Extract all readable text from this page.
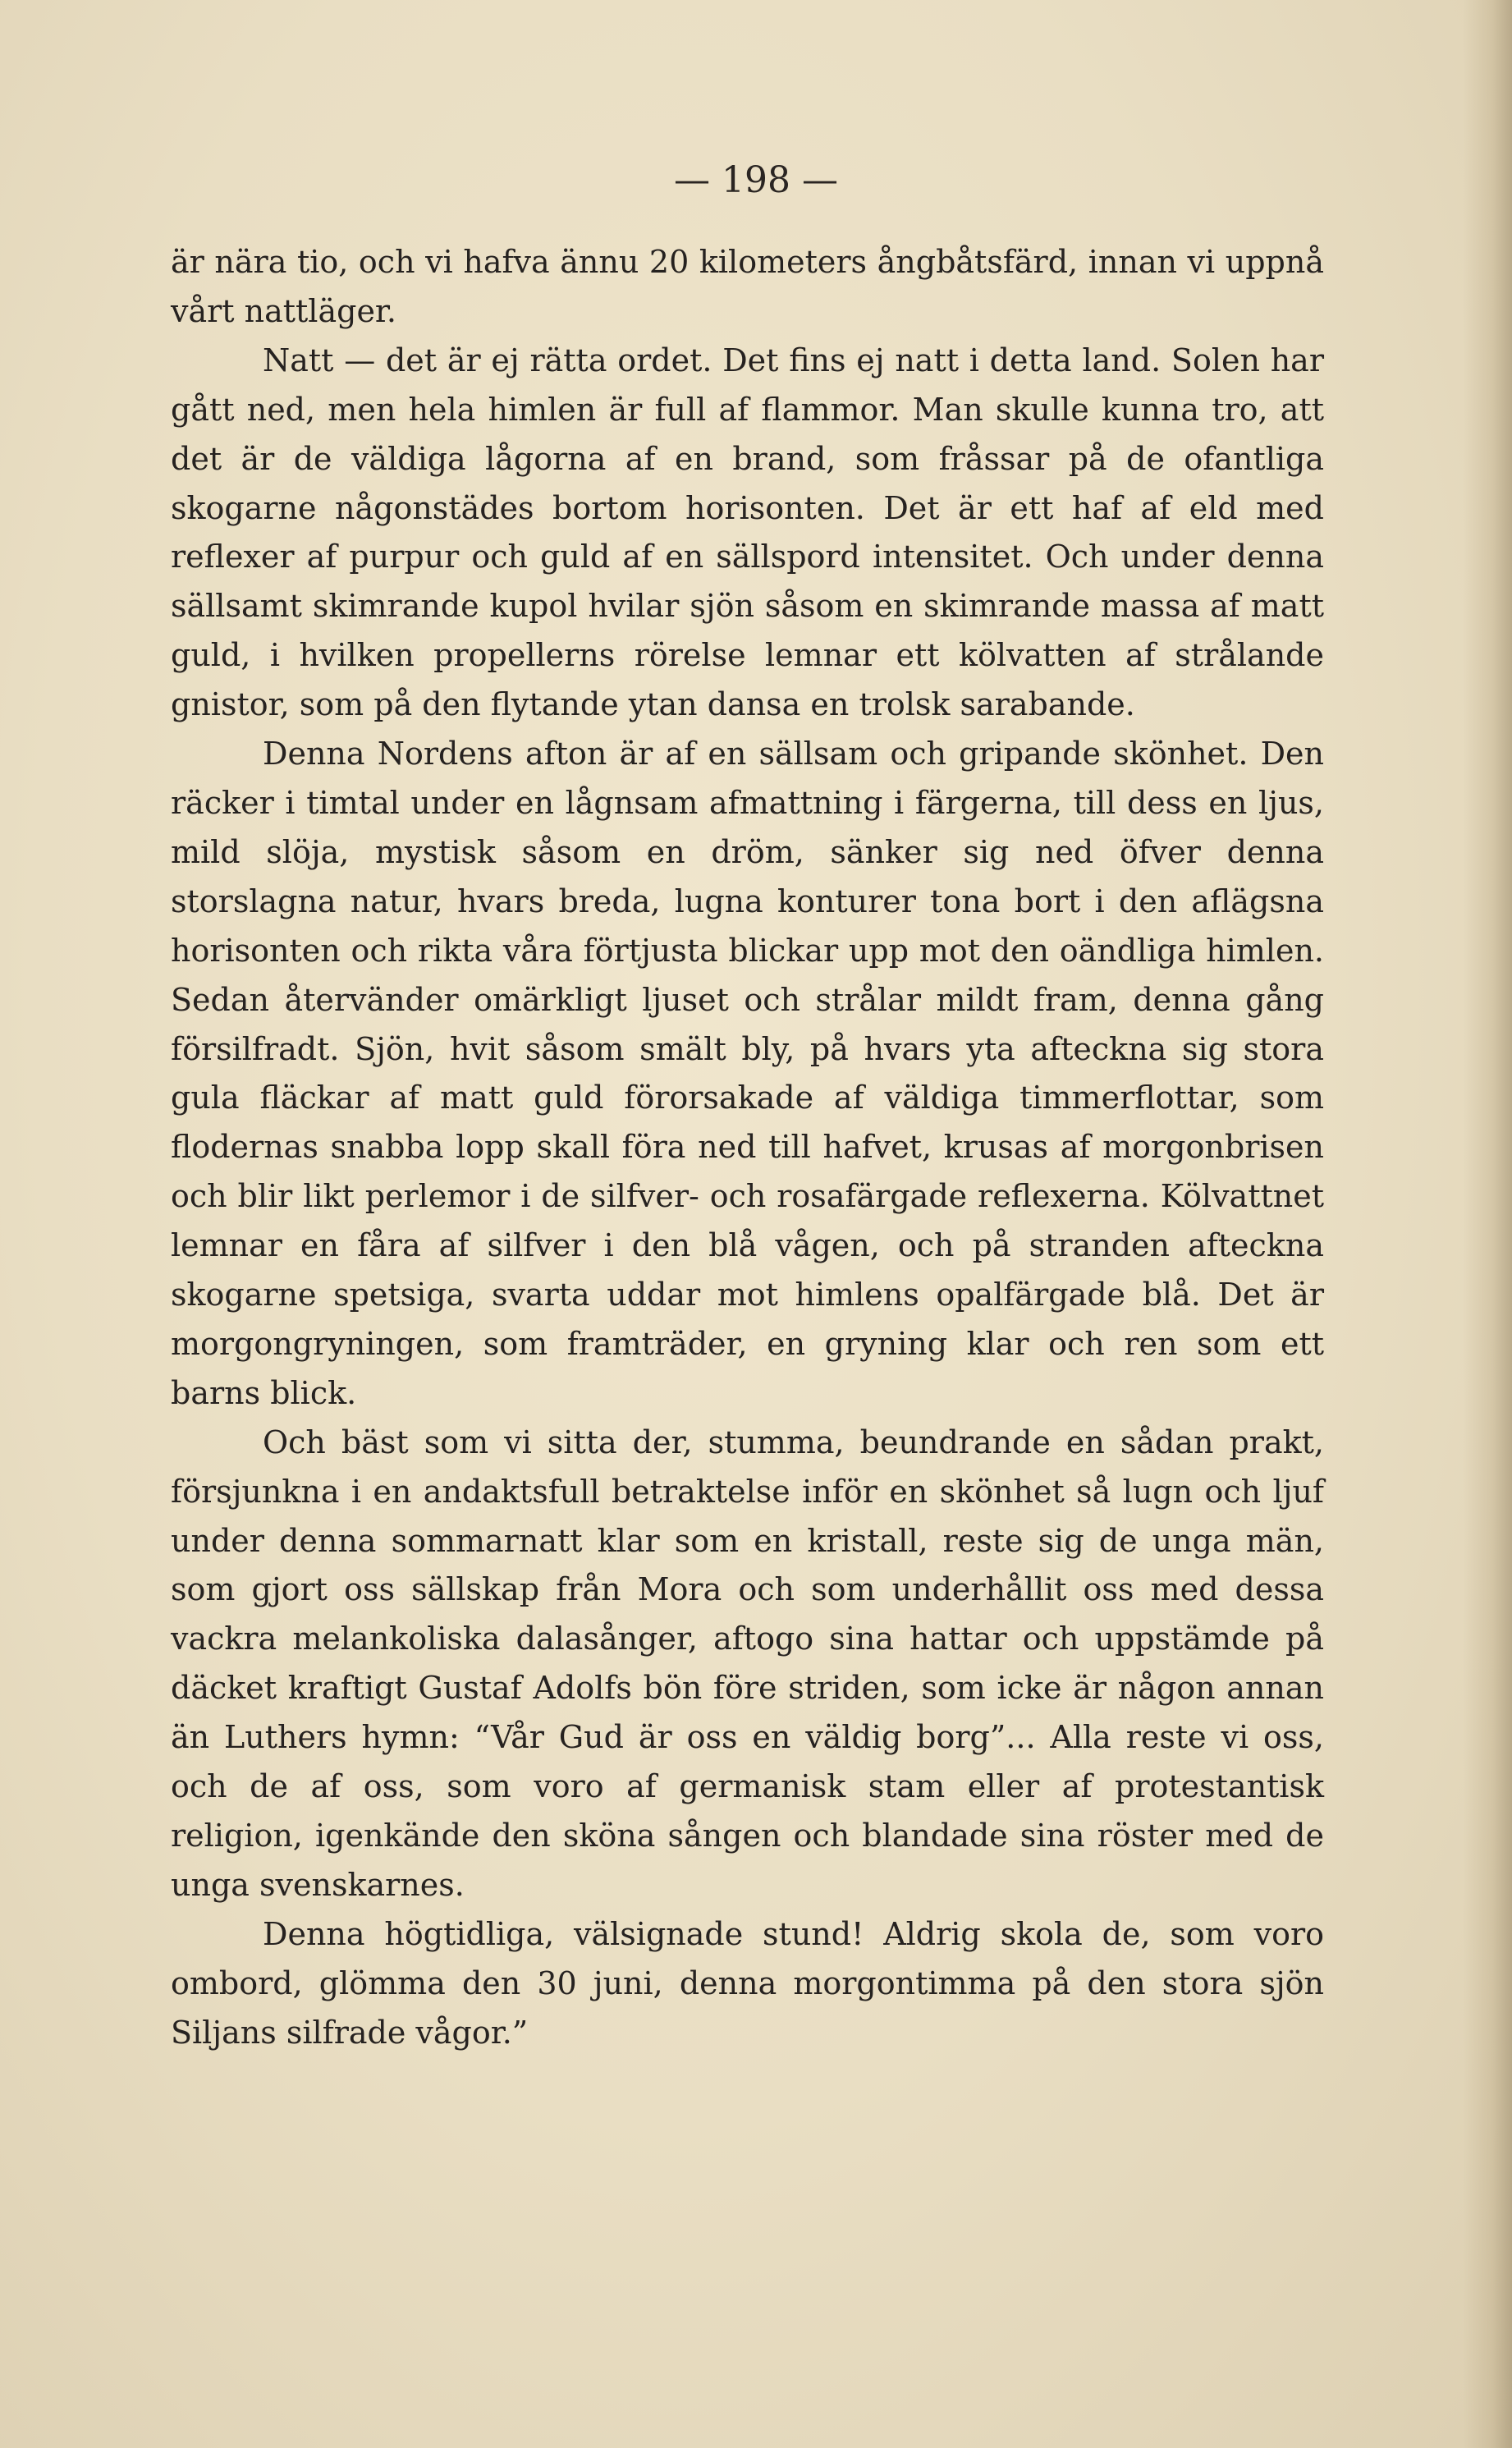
— 198 —

är nära tio, och vi hafva ännu 20 kilometers ångbåtsfärd, innan vi uppnå vårt nattläger.

Natt — det är ej rätta ordet. Det fins ej natt i detta land. Solen har gått ned, men hela himlen är full af flammor. Man skulle kunna tro, att det är de väldiga lågorna af en brand, som fråssar på de ofantliga skogarne någonstädes bortom horisonten. Det är ett haf af eld med reflexer af purpur och guld af en sällspord intensitet. Och under denna sällsamt skimrande kupol hvilar sjön såsom en skimrande massa af matt guld, i hvilken propellerns rörelse lemnar ett kölvatten af strålande gnistor, som på den flytande ytan dansa en trolsk sarabande.

Denna Nordens afton är af en sällsam och gripande skönhet. Den räcker i timtal under en lågnsam afmattning i färgerna, till dess en ljus, mild slöja, mystisk såsom en dröm, sänker sig ned öfver denna storslagna natur, hvars breda, lugna konturer tona bort i den aflägsna horisonten och rikta våra förtjusta blickar upp mot den oändliga himlen. Sedan återvänder omärkligt ljuset och strålar mildt fram, denna gång försilfradt. Sjön, hvit såsom smält bly, på hvars yta afteckna sig stora gula fläckar af matt guld förorsakade af väldiga timmerflottar, som flodernas snabba lopp skall föra ned till hafvet, krusas af morgonbrisen och blir likt perlemor i de silfver- och rosafärgade reflexerna. Kölvattnet lemnar en fåra af silfver i den blå vågen, och på stranden afteckna skogarne spetsiga, svarta uddar mot himlens opalfärgade blå. Det är morgongryningen, som framträder, en gryning klar och ren som ett barns blick.

Och bäst som vi sitta der, stumma, beundrande en sådan prakt, försjunkna i en andaktsfull betraktelse inför en skönhet så lugn och ljuf under denna sommarnatt klar som en kristall, reste sig de unga män, som gjort oss sällskap från Mora och som underhållit oss med dessa vackra melankoliska dalasånger, aftogo sina hattar och uppstämde på däcket kraftigt Gustaf Adolfs bön före striden, som icke är någon annan än Luthers hymn: “Vår Gud är oss en väldig borg”... Alla reste vi oss, och de af oss, som voro af germanisk stam eller af protestantisk religion, igenkände den sköna sången och blandade sina röster med de unga svenskarnes.

Denna högtidliga, välsignade stund! Aldrig skola de, som voro ombord, glömma den 30 juni, denna morgontimma på den stora sjön Siljans silfrade vågor.”
